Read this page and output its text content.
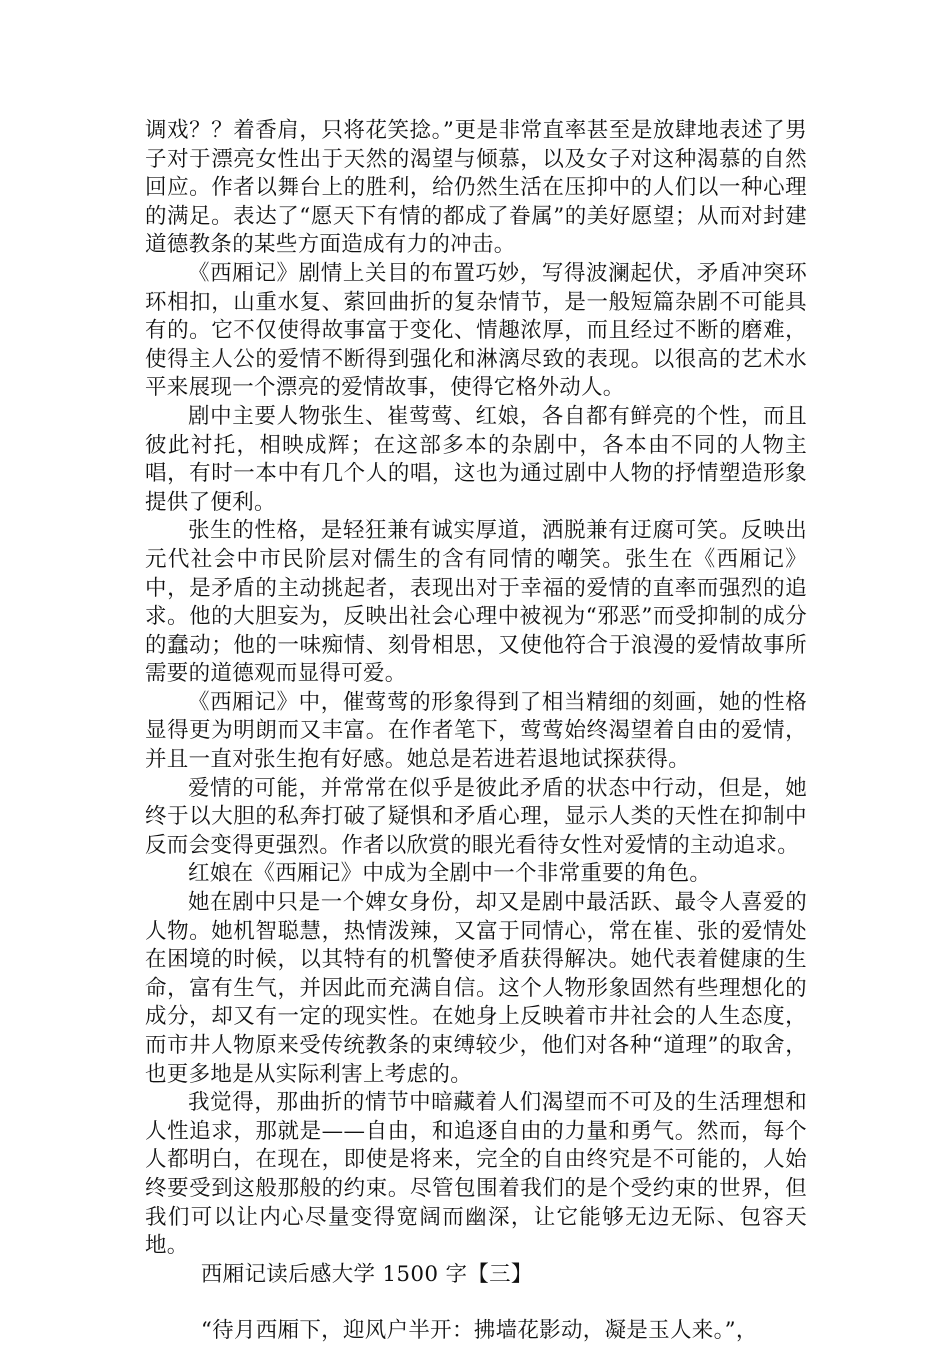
调戏？？着香肩，只将花笑捻。”更是非常直率甚至是放肆地表述了男子对于漂亮女性出于天然的渴望与倾慕，以及女子对这种渴慕的自然回应。作者以舞台上的胜利，给仍然生活在压抑中的人们以一种心理的满足。表达了“愿天下有情的都成了眷属”的美好愿望；从而对封建道德教条的某些方面造成有力的冲击。

《西厢记》剧情上关目的布置巧妙，写得波澜起伏，矛盾冲突环环相扣，山重水复、萦回曲折的复杂情节，是一般短篇杂剧不可能具有的。它不仅使得故事富于变化、情趣浓厚，而且经过不断的磨难，使得主人公的爱情不断得到强化和淋漓尽致的表现。以很高的艺术水平来展现一个漂亮的爱情故事，使得它格外动人。

剧中主要人物张生、崔莺莺、红娘，各自都有鲜亮的个性，而且彼此衬托，相映成辉；在这部多本的杂剧中，各本由不同的人物主唱，有时一本中有几个人的唱，这也为通过剧中人物的抒情塑造形象提供了便利。

张生的性格，是轻狂兼有诚实厚道，洒脱兼有迂腐可笑。反映出元代社会中市民阶层对儒生的含有同情的嘲笑。张生在《西厢记》中，是矛盾的主动挑起者，表现出对于幸福的爱情的直率而强烈的追求。他的大胆妄为，反映出社会心理中被视为“邪恶”而受抑制的成分的蠢动；他的一味痴情、刻骨相思，又使他符合于浪漫的爱情故事所需要的道德观而显得可爱。

《西厢记》中，催莺莺的形象得到了相当精细的刻画，她的性格显得更为明朗而又丰富。在作者笔下，莺莺始终渴望着自由的爱情，并且一直对张生抱有好感。她总是若进若退地试探获得。

爱情的可能，并常常在似乎是彼此矛盾的状态中行动，但是，她终于以大胆的私奔打破了疑惧和矛盾心理，显示人类的天性在抑制中反而会变得更强烈。作者以欣赏的眼光看待女性对爱情的主动追求。

红娘在《西厢记》中成为全剧中一个非常重要的角色。

她在剧中只是一个婢女身份，却又是剧中最活跃、最令人喜爱的人物。她机智聪慧，热情泼辣，又富于同情心，常在崔、张的爱情处在困境的时候，以其特有的机警使矛盾获得解决。她代表着健康的生命，富有生气，并因此而充满自信。这个人物形象固然有些理想化的成分，却又有一定的现实性。在她身上反映着市井社会的人生态度，而市井人物原来受传统教条的束缚较少，他们对各种“道理”的取舍，也更多地是从实际利害上考虑的。

我觉得，那曲折的情节中暗藏着人们渴望而不可及的生活理想和人性追求，那就是——自由，和追逐自由的力量和勇气。然而，每个人都明白，在现在，即使是将来，完全的自由终究是不可能的，人始终要受到这般那般的约束。尽管包围着我们的是个受约束的世界，但我们可以让内心尽量变得宽阔而幽深，让它能够无边无际、包容天地。

西厢记读后感大学 1500 字【三】

“待月西厢下，迎风户半开：拂墙花影动，凝是玉人来。”，
